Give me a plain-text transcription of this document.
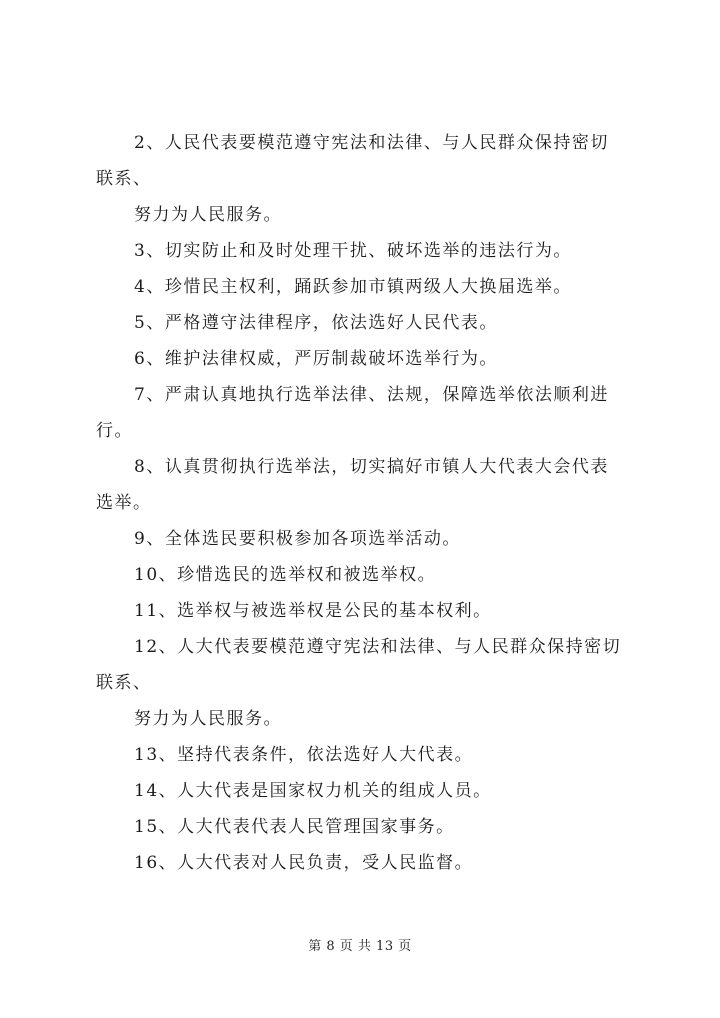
2、人民代表要模范遵守宪法和法律、与人民群众保持密切
联系、
努力为人民服务。
3、切实防止和及时处理干扰、破坏选举的违法行为。
4、珍惜民主权利，踊跃参加市镇两级人大换届选举。
5、严格遵守法律程序，依法选好人民代表。
6、维护法律权威，严厉制裁破坏选举行为。
7、严肃认真地执行选举法律、法规，保障选举依法顺利进
行。
8、认真贯彻执行选举法，切实搞好市镇人大代表大会代表
选举。
9、全体选民要积极参加各项选举活动。
10、珍惜选民的选举权和被选举权。
11、选举权与被选举权是公民的基本权利。
12、人大代表要模范遵守宪法和法律、与人民群众保持密切
联系、
努力为人民服务。
13、坚持代表条件，依法选好人大代表。
14、人大代表是国家权力机关的组成人员。
15、人大代表代表人民管理国家事务。
16、人大代表对人民负责，受人民监督。
第 8 页 共 13 页
